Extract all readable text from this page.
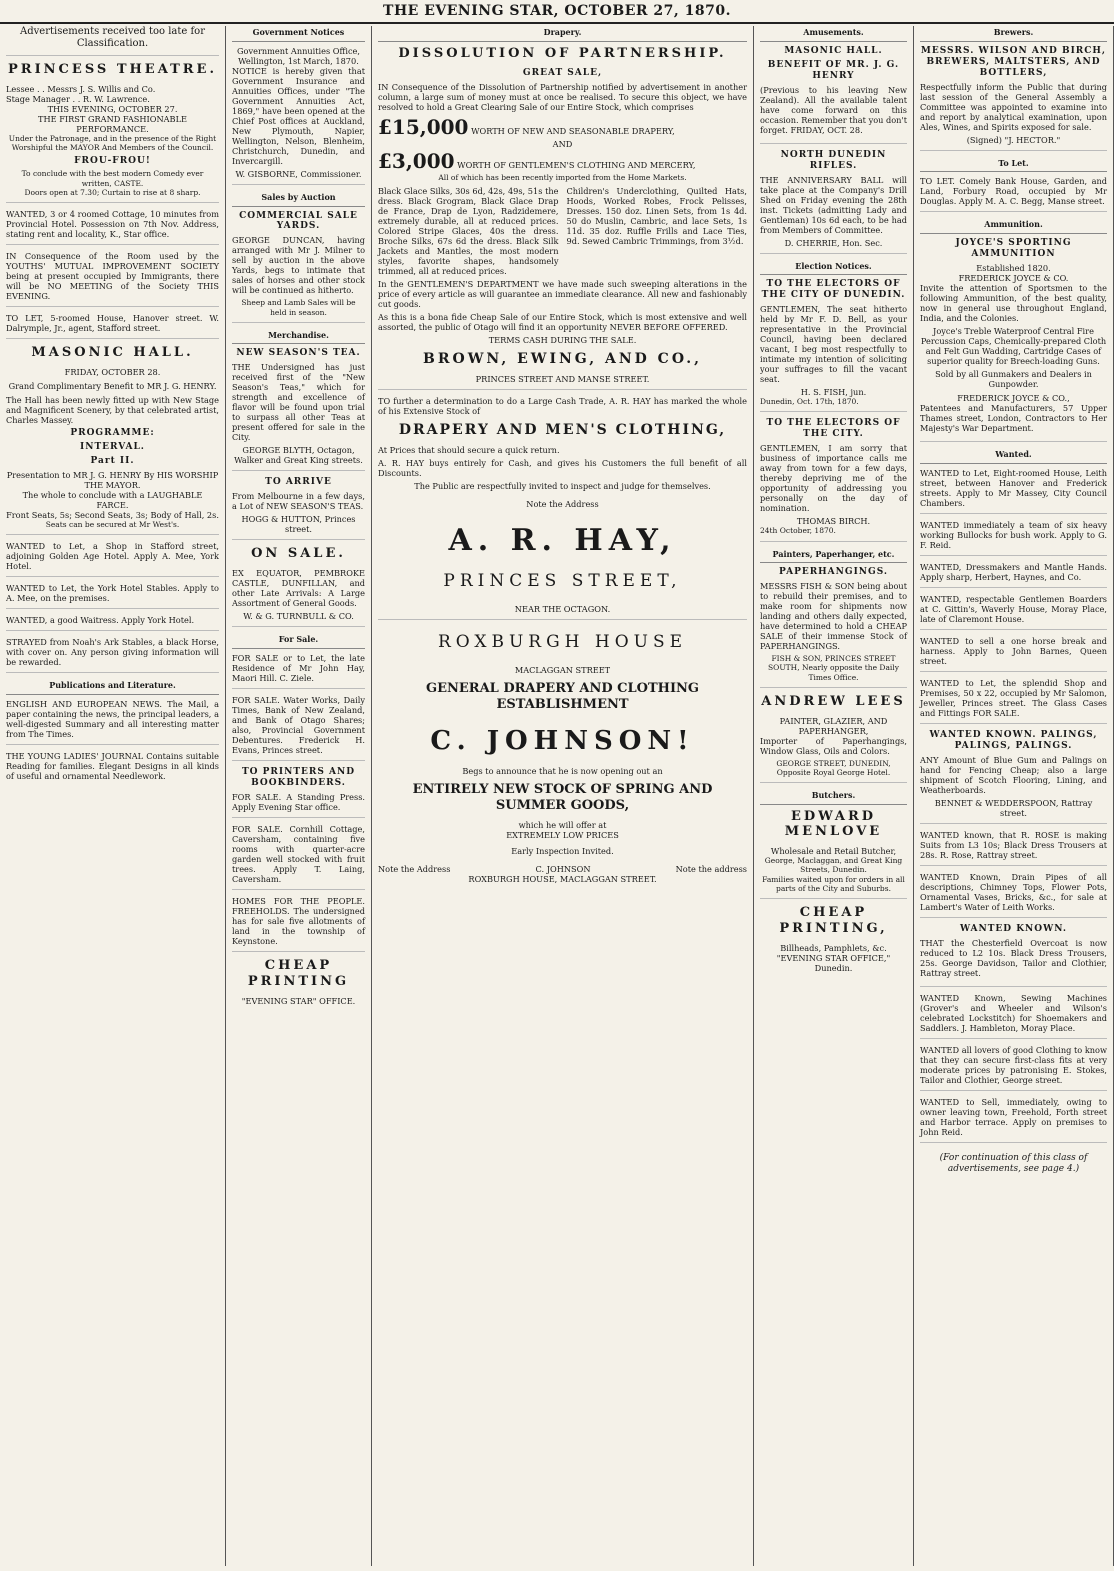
THE EVENING STAR, OCTOBER 27, 1870.
Advertisements received too late for Classification.
PRINCESS THEATRE.
Lessee . . Messrs J. S. Willis and Co.
Stage Manager . . R. W. Lawrence.
THIS EVENING, OCTOBER 27.
THE FIRST GRAND FASHIONABLE PERFORMANCE.
Under the Patronage, and in the presence of the Right Worshipful the MAYOR And Members of the Council.
FROU-FROU!
To conclude with the best modern Comedy ever written, CASTE.
Doors open at 7.30; Curtain to rise at 8 sharp.

WANTED, 3 or 4 roomed Cottage, 10 minutes from Provincial Hotel. Possession on 7th Nov. Address, stating rent and locality, K., Star office.

IN Consequence of the Room used by the YOUTHS' MUTUAL IMPROVEMENT SOCIETY being at present occupied by Immigrants, there will be NO MEETING of the Society THIS EVENING.

TO LET, 5-roomed House, Hanover street. W. Dalrymple, Jr., agent, Stafford street.

MASONIC HALL.
FRIDAY, OCTOBER 28.
Grand Complimentary Benefit to MR J. G. HENRY.

The Hall has been newly fitted up with New Stage and Magnificent Scenery, by that celebrated artist, Charles Massey.

PROGRAMME:
INTERVAL.
Part II.
Presentation to MR J. G. HENRY By HIS WORSHIP THE MAYOR.
The whole to conclude with a LAUGHABLE FARCE.
Front Seats, 5s; Second Seats, 3s; Body of Hall, 2s.
Seats can be secured at Mr West's.

WANTED to Let, a Shop in Stafford street, adjoining Golden Age Hotel. Apply A. Mee, York Hotel.

WANTED to Let, the York Hotel Stables. Apply to A. Mee, on the premises.

WANTED, a good Waitress. Apply York Hotel.

STRAYED from Noah's Ark Stables, a black Horse, with cover on. Any person giving information will be rewarded.

Publications and Literature.

ENGLISH AND EUROPEAN NEWS. The Mail, a paper containing the news, the principal leaders, a well-digested Summary and all interesting matter from The Times.

THE YOUNG LADIES' JOURNAL Contains suitable Reading for families. Elegant Designs in all kinds of useful and ornamental Needlework.

Government Notices
Government Annuities Office, Wellington, 1st March, 1870.

NOTICE is hereby given that Government Insurance and Annuities Offices, under "The Government Annuities Act, 1869," have been opened at the Chief Post offices at Auckland, New Plymouth, Napier, Wellington, Nelson, Blenheim, Christchurch, Dunedin, and Invercargill.

W. GISBORNE, Commissioner.
Sales by Auction
COMMERCIAL SALE YARDS.

GEORGE DUNCAN, having arranged with Mr J. Milner to sell by auction in the above Yards, begs to intimate that sales of horses and other stock will be continued as hitherto.

Sheep and Lamb Sales will be held in season.
Merchandise.
NEW SEASON'S TEA.

THE Undersigned has just received first of the "New Season's Teas," which for strength and excellence of flavor will be found upon trial to surpass all other Teas at present offered for sale in the City.

GEORGE BLYTH, Octagon, Walker and Great King streets.
TO ARRIVE

From Melbourne in a few days, a Lot of NEW SEASON'S TEAS.

HOGG & HUTTON, Princes street.
ON SALE.

EX EQUATOR, PEMBROKE CASTLE, DUNFILLAN, and other Late Arrivals: A Large Assortment of General Goods.

W. & G. TURNBULL & CO.
For Sale.

FOR SALE or to Let, the late Residence of Mr John Hay, Maori Hill. C. Ziele.

FOR SALE. Water Works, Daily Times, Bank of New Zealand, and Bank of Otago Shares; also, Provincial Government Debentures. Frederick H. Evans, Princes street.

TO PRINTERS AND BOOKBINDERS.

FOR SALE. A Standing Press. Apply Evening Star office.

FOR SALE. Cornhill Cottage, Caversham, containing five rooms with quarter-acre garden well stocked with fruit trees. Apply T. Laing, Caversham.

HOMES FOR THE PEOPLE. FREEHOLDS. The undersigned has for sale five allotments of land in the township of Keynstone.

CHEAP PRINTING
"EVENING STAR" OFFICE.
Drapery.
DISSOLUTION OF PARTNERSHIP.
GREAT SALE,

IN Consequence of the Dissolution of Partnership notified by advertisement in another column, a large sum of money must at once be realised. To secure this object, we have resolved to hold a Great Clearing Sale of our Entire Stock, which comprises

£15,000 WORTH OF NEW AND SEASONABLE DRAPERY,
AND
£3,000 WORTH OF GENTLEMEN'S CLOTHING AND MERCERY,
All of which has been recently imported from the Home Markets.

Black Glace Silks, 30s 6d, 42s, 49s, 51s the dress. Black Grogram, Black Glace Drap de France, Drap de Lyon, Radzidemere, extremely durable, all at reduced prices. Colored Stripe Glaces, 40s the dress. Broche Silks, 67s 6d the dress. Black Silk Jackets and Mantles, the most modern styles, favorite shapes, handsomely trimmed, all at reduced prices.

Children's Underclothing, Quilted Hats, Hoods, Worked Robes, Frock Pelisses, Dresses. 150 doz. Linen Sets, from 1s 4d. 50 do Muslin, Cambric, and lace Sets, 1s 11d. 35 doz. Ruffle Frills and Lace Ties, 9d. Sewed Cambric Trimmings, from 3½d.

In the GENTLEMEN'S DEPARTMENT we have made such sweeping alterations in the price of every article as will guarantee an immediate clearance. All new and fashionably cut goods.

As this is a bona fide Cheap Sale of our Entire Stock, which is most extensive and well assorted, the public of Otago will find it an opportunity NEVER BEFORE OFFERED.

TERMS CASH DURING THE SALE.
BROWN, EWING, AND CO.,
PRINCES STREET AND MANSE STREET.

TO further a determination to do a Large Cash Trade, A. R. HAY has marked the whole of his Extensive Stock of

DRAPERY AND MEN'S CLOTHING,

At Prices that should secure a quick return.

A. R. HAY buys entirely for Cash, and gives his Customers the full benefit of all Discounts.

The Public are respectfully invited to inspect and judge for themselves.

Note the Address
A. R. HAY,
PRINCES STREET,
NEAR THE OCTAGON.
ROXBURGH HOUSE
MACLAGGAN STREET
GENERAL DRAPERY AND CLOTHING ESTABLISHMENT
C. JOHNSON!
Begs to announce that he is now opening out an
ENTIRELY NEW STOCK OF SPRING AND SUMMER GOODS,
which he will offer at
EXTREMELY LOW PRICES
Early Inspection Invited.
Note the Address	C. JOHNSON	Note the address
ROXBURGH HOUSE, MACLAGGAN STREET.
Amusements.
MASONIC HALL.
BENEFIT OF MR. J. G. HENRY

(Previous to his leaving New Zealand). All the available talent have come forward on this occasion. Remember that you don't forget. FRIDAY, OCT. 28.

NORTH DUNEDIN RIFLES.

THE ANNIVERSARY BALL will take place at the Company's Drill Shed on Friday evening the 28th inst. Tickets (admitting Lady and Gentleman) 10s 6d each, to be had from Members of Committee.

D. CHERRIE, Hon. Sec.
Election Notices.
TO THE ELECTORS OF THE CITY OF DUNEDIN.

GENTLEMEN, The seat hitherto held by Mr F. D. Bell, as your representative in the Provincial Council, having been declared vacant, I beg most respectfully to intimate my intention of soliciting your suffrages to fill the vacant seat.

H. S. FISH, jun.
Dunedin, Oct. 17th, 1870.
TO THE ELECTORS OF THE CITY.

GENTLEMEN, I am sorry that business of importance calls me away from town for a few days, thereby depriving me of the opportunity of addressing you personally on the day of nomination.

THOMAS BIRCH.
24th October, 1870.
Painters, Paperhanger, etc.
PAPERHANGINGS.

MESSRS FISH & SON being about to rebuild their premises, and to make room for shipments now landing and others daily expected, have determined to hold a CHEAP SALE of their immense Stock of PAPERHANGINGS.

FISH & SON, PRINCES STREET SOUTH, Nearly opposite the Daily Times Office.
ANDREW LEES
PAINTER, GLAZIER, AND PAPERHANGER,

Importer of Paperhangings, Window Glass, Oils and Colors.

GEORGE STREET, DUNEDIN, Opposite Royal George Hotel.
Butchers.
EDWARD MENLOVE
Wholesale and Retail Butcher,
George, Maclaggan, and Great King Streets, Dunedin.
Families waited upon for orders in all parts of the City and Suburbs.
CHEAP PRINTING,
Billheads, Pamphlets, &c.
"EVENING STAR OFFICE,"
Dunedin.
Brewers.
MESSRS. WILSON AND BIRCH, BREWERS, MALTSTERS, AND BOTTLERS,

Respectfully inform the Public that during last session of the General Assembly a Committee was appointed to examine into and report by analytical examination, upon Ales, Wines, and Spirits exposed for sale.

(Signed) "J. HECTOR."
To Let.

TO LET. Comely Bank House, Garden, and Land, Forbury Road, occupied by Mr Douglas. Apply M. A. C. Begg, Manse street.

Ammunition.
JOYCE'S SPORTING AMMUNITION
Established 1820.
FREDERICK JOYCE & CO.

Invite the attention of Sportsmen to the following Ammunition, of the best quality, now in general use throughout England, India, and the Colonies.

Joyce's Treble Waterproof Central Fire Percussion Caps, Chemically-prepared Cloth and Felt Gun Wadding, Cartridge Cases of superior quality for Breech-loading Guns.

Sold by all Gunmakers and Dealers in Gunpowder.
FREDERICK JOYCE & CO.,

Patentees and Manufacturers, 57 Upper Thames street, London, Contractors to Her Majesty's War Department.

Wanted.

WANTED to Let, Eight-roomed House, Leith street, between Hanover and Frederick streets. Apply to Mr Massey, City Council Chambers.

WANTED immediately a team of six heavy working Bullocks for bush work. Apply to G. F. Reid.

WANTED, Dressmakers and Mantle Hands. Apply sharp, Herbert, Haynes, and Co.

WANTED, respectable Gentlemen Boarders at C. Gittin's, Waverly House, Moray Place, late of Claremont House.

WANTED to sell a one horse break and harness. Apply to John Barnes, Queen street.

WANTED to Let, the splendid Shop and Premises, 50 x 22, occupied by Mr Salomon, Jeweller, Princes street. The Glass Cases and Fittings FOR SALE.

WANTED KNOWN. PALINGS, PALINGS, PALINGS.

ANY Amount of Blue Gum and Palings on hand for Fencing Cheap; also a large shipment of Scotch Flooring, Lining, and Weatherboards.

BENNET & WEDDERSPOON, Rattray street.

WANTED known, that R. ROSE is making Suits from L3 10s; Black Dress Trousers at 28s. R. Rose, Rattray street.

WANTED Known, Drain Pipes of all descriptions, Chimney Tops, Flower Pots, Ornamental Vases, Bricks, &c., for sale at Lambert's Water of Leith Works.

WANTED KNOWN.

THAT the Chesterfield Overcoat is now reduced to L2 10s. Black Dress Trousers, 25s. George Davidson, Tailor and Clothier, Rattray street.

WANTED Known, Sewing Machines (Grover's and Wheeler and Wilson's celebrated Lockstitch) for Shoemakers and Saddlers. J. Hambleton, Moray Place.

WANTED all lovers of good Clothing to know that they can secure first-class fits at very moderate prices by patronising E. Stokes, Tailor and Clothier, George street.

WANTED to Sell, immediately, owing to owner leaving town, Freehold, Forth street and Harbor terrace. Apply on premises to John Reid.

(For continuation of this class of advertisements, see page 4.)
